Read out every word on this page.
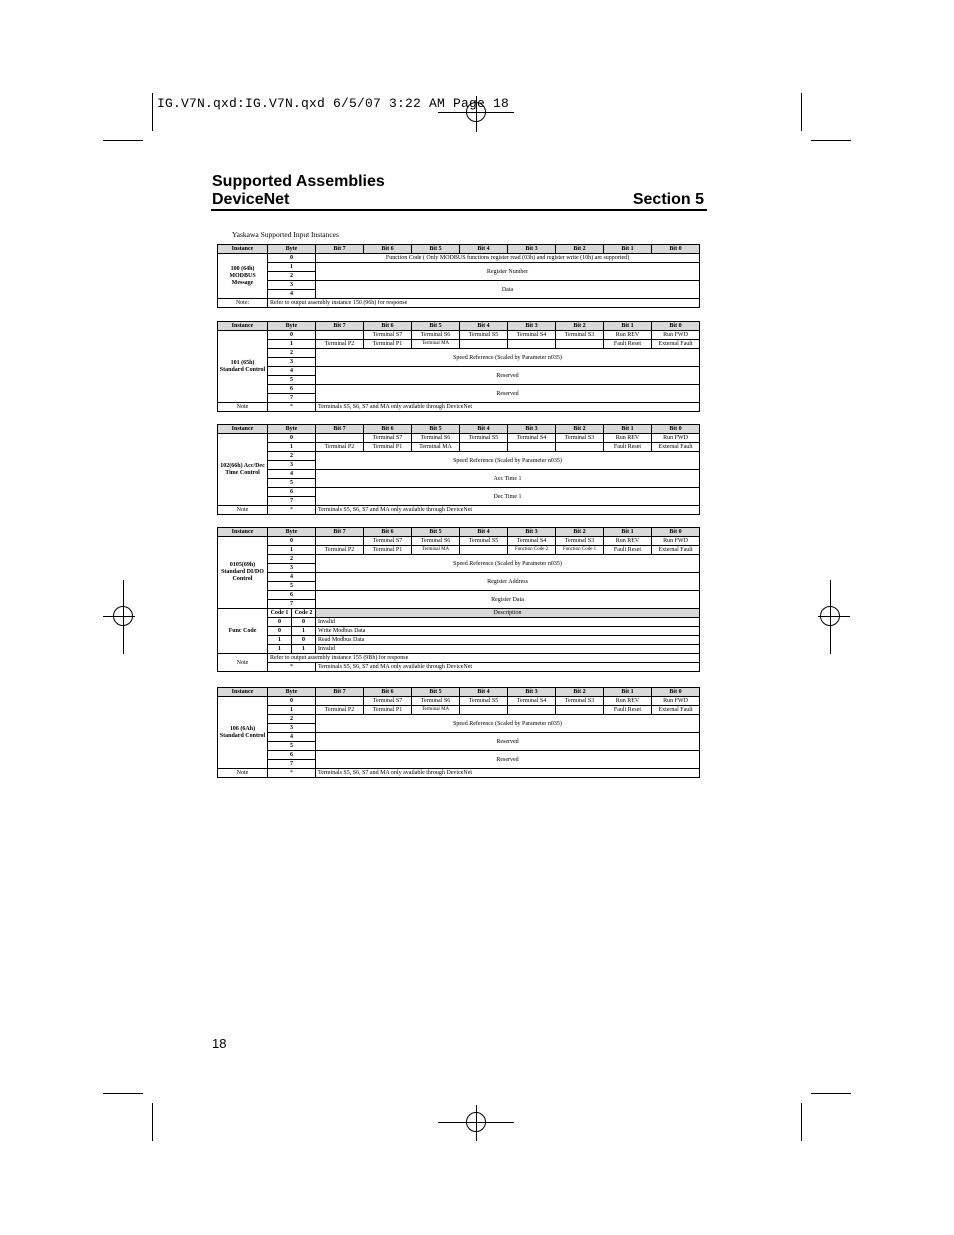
IG.V7N.qxd:IG.V7N.qxd 6/5/07 3:22 AM Page 18
Supported Assemblies
DeviceNet	Section 5
Yaskawa Supported Input Instances
Instance	Byte	Bit 7	Bit 6	Bit 5	Bit 4	Bit 3	Bit 2	Bit 1	Bit 0
100 (64h) MODBUS Message	0	Function Code ( Only MODBUS functions register read (03h) and register write (10h) are supported)							
	1	Register Number							
	2								
	3	Data							
	4								
Note:	Refer to output assembly instance 150 (96h) for response								
Instance	Byte	Bit 7	Bit 6	Bit 5	Bit 4	Bit 3	Bit 2	Bit 1	Bit 0
101 (65h) Standard Control	0		Terminal S7	Terminal S6	Terminal S5	Terminal S4	Terminal S3	Run REV	Run FWD
	1	Terminal P2	Terminal P1	Terminal MA				Fault Reset	External Fault
	2	Speed Reference (Scaled by Parameter n035)							
	3								
	4	Reserved							
	5								
	6	Reserved							
	7								
Note	*	Terminals S5, S6, S7 and MA only available through DeviceNet							
Instance	Byte	Bit 7	Bit 6	Bit 5	Bit 4	Bit 3	Bit 2	Bit 1	Bit 0
102(66h) Acc/Dec Time Control	0		Terminal S7	Terminal S6	Terminal S5	Terminal S4	Terminal S3	Run REV	Run FWD
	1	Terminal P2	Terminal P1	Terminal MA				Fault Reset	External Fault
	2	Speed Reference (Scaled by Parameter n035)							
	3								
	4	Acc Time 1							
	5								
	6	Dec Time 1							
	7								
Note	*	Terminals S5, S6, S7 and MA only available through DeviceNet							
Instance	Byte		Bit 7	Bit 6	Bit 5	Bit 4	Bit 3	Bit 2	Bit 1	Bit 0
0105(69h) Standard DI/DO Control	0			Terminal S7	Terminal S6	Terminal S5	Terminal S4	Terminal S3	Run REV	Run FWD
	1		Terminal P2	Terminal P1	Terminal MA		Function Code 2	Function Code 1	Fault Reset	External Fault
	2		Speed Reference (Scaled by Parameter n035)							
	3									
	4		Register Address							
	5									
	6		Register Data							
	7									
Func Code	Code 1	Code 2	Description							
	0	0	Invalid							
	0	1	Write Modbus Data							
	1	0	Read Modbus Data							
	1	1	Invalid							
Note	Refer to output assembly instance 155 (9Bh) for response									
	*		Terminals S5, S6, S7 and MA only available through DeviceNet							
Instance	Byte	Bit 7	Bit 6	Bit 5	Bit 4	Bit 3	Bit 2	Bit 1	Bit 0
106 (6Ah) Standard Control	0		Terminal S7	Terminal S6	Terminal S5	Terminal S4	Terminal S3	Run REV	Run FWD
	1	Terminal P2	Terminal P1	Terminal MA				Fault Reset	External Fault
	2	Speed Reference (Scaled by Parameter n035)							
	3								
	4	Reserved							
	5								
	6	Reserved							
	7								
Note	*	Terminals S5, S6, S7 and MA only available through DeviceNet							
18
